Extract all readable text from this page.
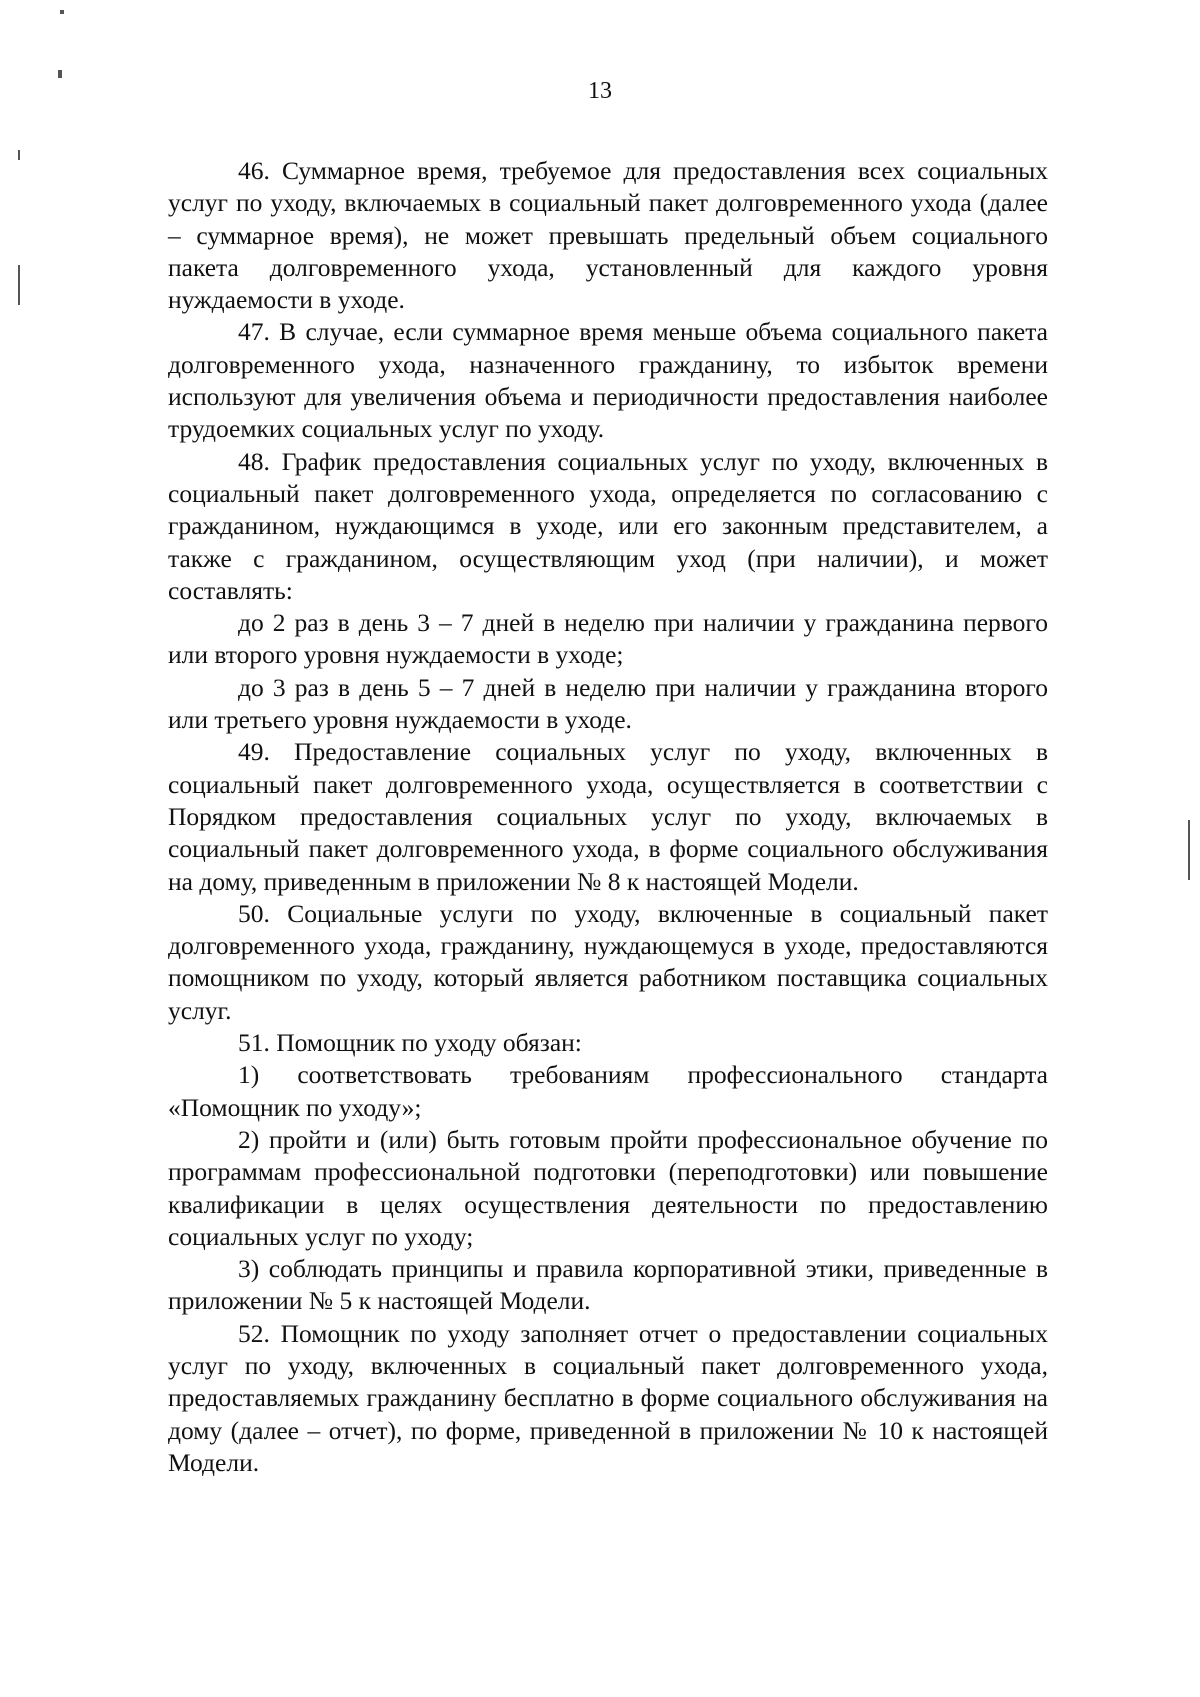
13

46. Суммарное время, требуемое для предоставления всех социальных услуг по уходу, включаемых в социальный пакет долговременного ухода (далее – суммарное время), не может превышать предельный объем социального пакета долговременного ухода, установленный для каждого уровня нуждаемости в уходе.

47. В случае, если суммарное время меньше объема социального пакета долговременного ухода, назначенного гражданину, то избыток времени используют для увеличения объема и периодичности предоставления наиболее трудоемких социальных услуг по уходу.

48. График предоставления социальных услуг по уходу, включенных в социальный пакет долговременного ухода, определяется по согласованию с гражданином, нуждающимся в уходе, или его законным представителем, а также с гражданином, осуществляющим уход (при наличии), и может составлять:

до 2 раз в день 3 – 7 дней в неделю при наличии у гражданина первого или второго уровня нуждаемости в уходе;

до 3 раз в день 5 – 7 дней в неделю при наличии у гражданина второго или третьего уровня нуждаемости в уходе.

49. Предоставление социальных услуг по уходу, включенных в социальный пакет долговременного ухода, осуществляется в соответствии с Порядком предоставления социальных услуг по уходу, включаемых в социальный пакет долговременного ухода, в форме социального обслуживания на дому, приведенным в приложении № 8 к настоящей Модели.

50. Социальные услуги по уходу, включенные в социальный пакет долговременного ухода, гражданину, нуждающемуся в уходе, предоставляются помощником по уходу, который является работником поставщика социальных услуг.

51. Помощник по уходу обязан:

1) соответствовать требованиям профессионального стандарта «Помощник по уходу»;

2) пройти и (или) быть готовым пройти профессиональное обучение по программам профессиональной подготовки (переподготовки) или повышение квалификации в целях осуществления деятельности по предоставлению социальных услуг по уходу;

3) соблюдать принципы и правила корпоративной этики, приведенные в приложении № 5 к настоящей Модели.

52. Помощник по уходу заполняет отчет о предоставлении социальных услуг по уходу, включенных в социальный пакет долговременного ухода, предоставляемых гражданину бесплатно в форме социального обслуживания на дому (далее – отчет), по форме, приведенной в приложении № 10 к настоящей Модели.
